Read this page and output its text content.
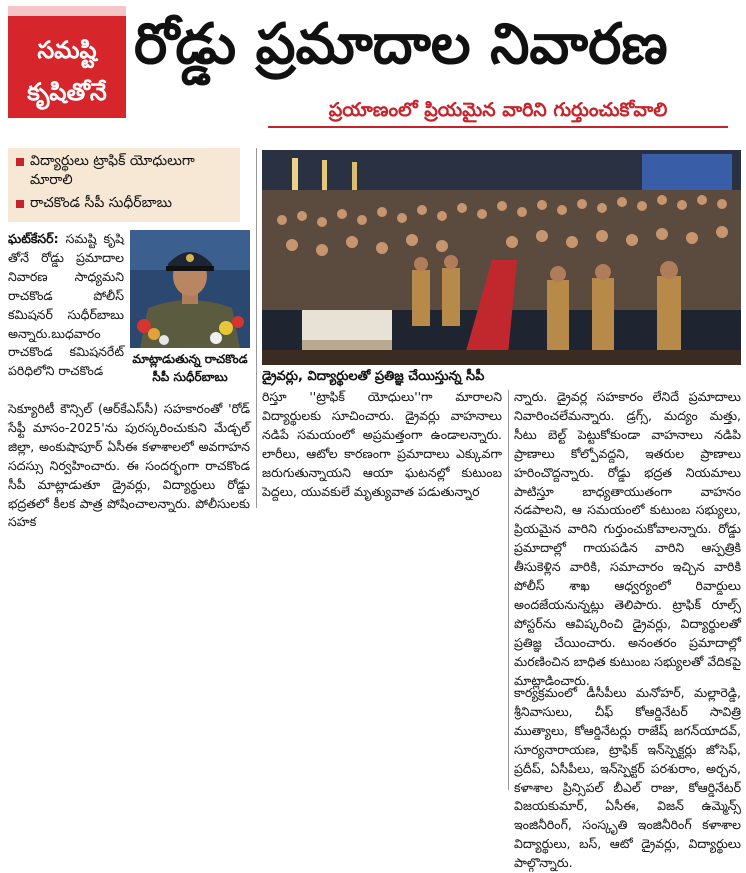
సమష్టి
కృషితోనే
రోడ్డు ప్రమాదాల నివారణ
ప్రయాణంలో ప్రియమైన వారిని గుర్తుంచుకోవాలి
విద్యార్థులు ట్రాఫిక్ యోధులుగా మారాలి
రాచకొండ సీపీ సుధీర్‌బాబు
ఘట్‌కేసర్: సమష్టి కృషి తోనే రోడ్డు ప్రమాదాల నివారణ సాధ్యమని రాచకొండ పోలీస్ కమిషనర్ సుధీర్‌బాబు అన్నారు.బుధవారం రాచకొండ కమిషనరేట్ పరిధిలోని రాచకొండ
మాట్లాడుతున్న రాచకొండ సీపీ సుధీర్‌బాబు
సెక్యూరిటీ కౌన్సిల్ (ఆర్‌కేఎస్‌సీ) సహకారంతో 'రోడ్ సేఫ్టీ మాసం-2025'ను పురస్కరించుకుని మేడ్చల్ జిల్లా, అంకుషాపూర్ ఏసీఈ కళాశాలలో అవగాహన సదస్సు నిర్వహించారు. ఈ సందర్భంగా రాచకొండ సీపీ మాట్లాడుతూ డ్రైవర్లు, విద్యార్థులు రోడ్డు భద్రతలో కీలక పాత్ర పోషించాలన్నారు. పోలీసులకు సహక
డ్రైవర్లు, విద్యార్థులతో ప్రతిజ్ఞ చేయిస్తున్న సీపీ
రిస్తూ ''ట్రాఫిక్ యోధులు''గా మారాలని విద్యార్థులకు సూచించారు. డ్రైవర్లు వాహనాలు నడిపే సమయంలో అప్రమత్తంగా ఉండాలన్నారు. లారీలు, ఆటోల కారణంగా ప్రమాదాలు ఎక్కువగా జరుగుతున్నాయని ఆయా ఘటనల్లో కుటుంబ పెద్దలు, యువకులే మృత్యువాత పడుతున్నార
న్నారు. డ్రైవర్ల సహకారం లేనిదే ప్రమాదాలు నివారించలేమన్నారు. డ్రగ్స్, మద్యం మత్తు, సీటు బెల్ట్ పెట్టుకోకుండా వాహనాలు నడిపి ప్రాణాలు కోల్పోవద్దని, ఇతరుల ప్రాణాలు హరించొద్దన్నారు. రోడ్డు భద్రత నియమాలు పాటిస్తూ బాధ్యతాయుతంగా వాహనం నడపాలని, ఆ సమయంలో కుటుంబ సభ్యులు, ప్రియమైన వారిని గుర్తుంచుకోవాలన్నారు. రోడ్డు ప్రమాదాల్లో గాయపడిన వారిని ఆస్పత్రికి తీసుకెళ్లిన వారికి, సమాచారం ఇచ్చిన వారికి పోలీస్ శాఖ ఆధ్వర్యంలో రివార్డులు అందజేయనున్నట్లు తెలిపారు. ట్రాఫిక్ రూల్స్ పోస్టర్‌ను ఆవిష్కరించి డ్రైవర్లు, విద్యార్థులతో ప్రతిజ్ఞ చేయించారు. అనంతరం ప్రమాదాల్లో మరణించిన బాధిత కుటుంబ సభ్యులతో వేదికపై మాట్లాడించారు.
కార్యక్రమంలో డీసీపీలు మనోహర్, మల్లారెడ్డి, శ్రీనివాసులు, చీఫ్ కోఆర్డినేటర్ సావిత్రి ముత్యాలు, కోఆర్డినేటర్లు రాజేష్ జగన్‌యాదవ్, సూర్యనారాయణ, ట్రాఫిక్ ఇన్‌స్పెక్టర్లు జోసెఫ్, ప్రదీప్, ఏసీపీలు, ఇన్‌స్పెక్టర్ పరశురాం, అర్చన, కళాశాల ప్రిన్సిపల్ బీఎల్ రాజు, కోఆర్డినేటర్ విజయకుమార్, ఏసీఈ, విజన్ ఉమ్మెన్స్ ఇంజినీరింగ్, సంస్కృతి ఇంజినీరింగ్ కళాశాల విద్యార్థులు, బస్, ఆటో డ్రైవర్లు, విద్యార్థులు పాల్గొన్నారు.
